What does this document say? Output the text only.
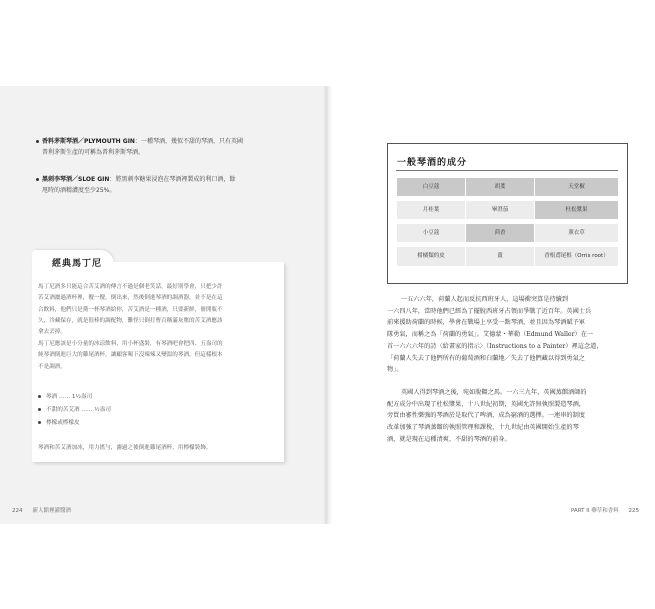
香料茅斯琴酒／PLYMOUTH GIN：一種琴酒，幾似不甜的琴酒，只有英國
普利茅斯生產的可稱為普利茅斯琴酒。
黑刺李琴酒／SLOE GIN：將黑刺李糖果浸泡在琴酒裡製成的利口酒，餘
甩時的酒精濃度至少25%。
經典馬丁尼
馬丁尼酒多只能這合苦艾酒的傳言不過是個老笑話，最好別學會，只把少許
苦艾酒灑過酒杯裡，攪一攪，倒出來，然後倒進琴酒的調酒器，並不是在這
合飲料，他們只是黨一杯琴酒給你，苦艾酒是一種酒，只要新鮮，冊開瓶不
久，冷藏保存，就是很棒的調配物，難怪只倒打曹百稱滿灰塵的苦艾酒應該
拿去丟掉。
馬丁尼應該是小分量的冰涼飲料，用小杯盛裝，有琴酒吧會把四、五盎司的
純琴酒倒進巨大的雞尾酒杯，讓顧客喝下沒辣辣又變溫的琴酒，但這樣根本
不是調酒。
琴酒 …… 1½盎司
不甜的苦艾酒 …… ½盎司
檸檬或檸檬皮
琴酒和苦艾酒加冰，用力搖勻，濾過之後倒進雞尾酒杯，用檸檬裝飾。
224 新人館裡灌醬酒
一般琴酒的成分
白豆蔻	胡荽	天堂椒
月桂葉	畢澄茄	杜松漿果
小豆蔻	茴香	薰衣草
柑橘類的皮	薑	香根鳶尾根（Orris root）
一五六六年，荷蘭人起而反抗西班牙人，這場衝突算是持續到
一六四八年，當時他們已經為了擺脫西班牙占領而爭戰了近百年。英國士兵
前來援助荷蘭的時候，學會在戰場上享受一點琴酒，並且因為琴酒賦予軍
隊勇氣，而稱之為「荷蘭的勇氣」。艾德蒙・華勒（Edmund Waller）在一
首一六六六年的詩〈給畫家的指示〉（Instructions to a Painter）裡這念道，
「荷蘭人失去了他們所有的葡萄酒和白蘭地／失去了他們藏以得到勇氣之
物」。
英國人得到琴酒之後，宛如脫韁之馬。一六三九年，英國蒸餾酒師的
配方成分中出現了杜松漿果，十八世紀初期，英國允許無執照製造琴酒，
旁買由審性樂強的琴酒於是取代了啤酒，成為窮酒的選擇。一連串的制度
改革加強了琴酒蒸餾的執照管理和課稅，十九世紀由英國開始生產的琴
酒，就是現在這種清爽、不甜的琴酒的前身。
PART II 藥草和香料 225
